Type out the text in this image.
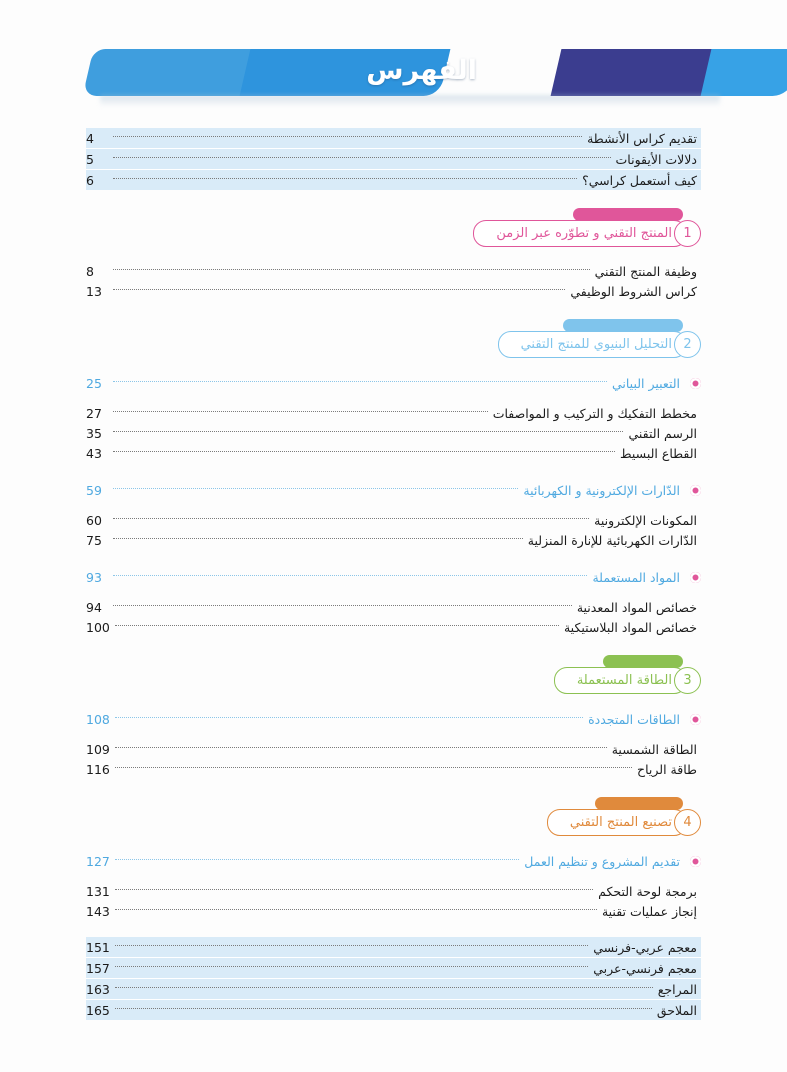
الفهرس
تقديم كراس الأنشطة
4
دلالات الأيقونات
5
كيف أستعمل كراسي؟
6
1
المنتج التقني و تطوّره عبر الزمن
وظيفة المنتج التقني
8
كراس الشروط الوظيفي
13
2
التحليل البنيوي للمنتج التقني
التعبير البياني
25
مخطط التفكيك و التركيب و المواصفات
27
الرسم التقني
35
القطاع البسيط
43
الدّارات الإلكترونية و الكهربائية
59
المكونات الإلكترونية
60
الدّارات الكهربائية للإنارة المنزلية
75
المواد المستعملة
93
خصائص المواد المعدنية
94
خصائص المواد البلاستيكية
100
3
الطاقة المستعملة
الطاقات المتجددة
108
الطاقة الشمسية
109
طاقة الرياح
116
4
تصنيع المنتج التقني
تقديم المشروع و تنظيم العمل
127
برمجة لوحة التحكم
131
إنجاز عمليات تقنية
143
معجم عربي-فرنسي
151
معجم فرنسي-عربي
157
المراجع
163
الملاحق
165
